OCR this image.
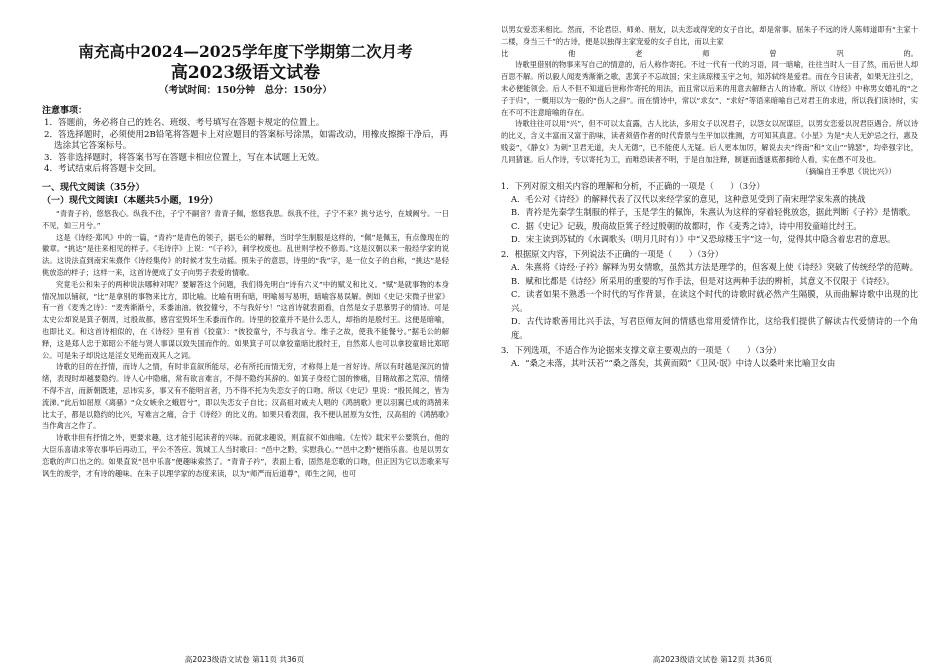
南充高中2024—2025学年度下学期第二次月考
高2023级语文试卷
（考试时间：150分钟　总分：150分）

注意事项：

1．答题前，务必将自己的姓名、班级、考号填写在答题卡规定的位置上。

2．答选择题时，必须使用2B铅笔将答题卡上对应题目的答案标号涂黑，如需改动，用橡皮擦擦干净后，再选涂其它答案标号。

3．答非选择题时，将答案书写在答题卡相应位置上，写在本试题上无效。

4．考试结束后将答题卡交回。

一、现代文阅读（35分）

（一）现代文阅读Ⅰ（本题共5小题，19分）

“青青子衿，悠悠我心。纵我不往，子宁不嗣音？青青子佩，悠悠我思。纵我不往，子宁不来？挑兮达兮，在城阙兮。一日不见，如三月兮。”

这是《诗经·郑风》中的一篇，“青衿”是青色的领子，据毛公的解释，当时学生制服是这样的，“佩”是佩玉，有点像现在的徽章。“挑达”是往来相见的样子。《毛诗序》上说：“《子衿》，刺学校废也。乱世则学校不修焉。”这是汉朝以来一般经学家的说法。这说法直到南宋朱熹作《诗经集传》的时候才发生动摇。照朱子的意思，诗里的“我”字，是一位女子的自称，“挑达”是轻佻放恣的样子；这样一来，这首诗便成了女子向男子表爱的情歌。

究竟毛公和朱子的两种说法哪种对呢？要解答这个问题，我们得先明白“诗有六义”中的赋义和比义。“赋”是就事物的本身情况加以铺叙，“比”是拿别的事物来比方，即比喻。比喻有明有暗，明喻易写易明，暗喻容易误解。例如《史记·宋微子世家》有一首《麦秀之诗》：“麦秀渐渐兮，禾黍油油。彼狡僮兮，不与我好兮！”这首诗就表面看，自然是女子思慕男子的情诗。可是太史公却说是箕子朝周，过殷故都，感宫室毁坏生禾黍而作的。诗里的狡童并不是什么恋人，却指的是殷纣王。这便是暗喻，也即比义。和这首诗相似的，在《诗经》里有首《狡童》：“彼狡童兮，不与我言兮。维子之故，使我不能餐兮。”据毛公的解释，这是郑人忠于郑昭公不能与贤人事谋以致失国而作的。如果箕子可以拿狡童暗比殷纣王，自然郑人也可以拿狡童暗比郑昭公。可是朱子却说这是淫女见绝而戏其人之词。

诗歌的目的在抒情，而诗人之情，有时非直叙所能尽，必有所托而情无穷，才称得上是一首好诗。所以有时越是深沉的情绪，表现时却越要隐约。诗人心中隐痛，常有欲言难言，不得不隐约其辞的。如箕子身经亡国的惨痛，目睹故都之荒凉，情绪不得不言，而新朝既建，忌讳实多，事又有不能明言者，乃不得不托为失恋女子的口吻。所以《史记》里说：“殷民闻之，皆为流涕。”此后如屈原《离骚》“众女嫉余之蛾眉兮”，即以失恋女子自比；汉高祖对戚夫人唱的《鸿鹄歌》更以羽翼已成的鸿鹄来比太子，都是以隐约的比兴，写难言之痛，合于《诗经》的比义的。如果只看表面，我不便认屈原为女性，汉高祖的《鸿鹄歌》当作禽言之作了。

诗歌非但有抒情之外，更要求趣，这才能引起读者的兴味。而就求趣说，则直叙不如曲喻。《左传》载宋平公要筑台，他的大臣乐喜请求等农事毕后再动工，平公不答应。筑城工人当时歌曰：“邑中之黔，实慰我心。”“邑中之黔”便指乐喜。也是以男女恋歌的声口出之的。如果直说“邑中乐喜”便趣味索然了。“青青子衿”，表面上看，固然是恋歌的口吻，但正因为它以恋歌来写讽生的废学，才有诗的趣味。在朱子以理学家的态度来读，以为“师严而后道尊”，师生之间，也可

高2023级语文试卷 第11页 共36页

以男女爱恋来相比。然而，不论君臣、师弟、朋友，以夫恋或得宠的女子自比，却是常事。屈朱子不远的诗人陈师道即有“主家十二楼，身当三千”的古诗，便是以独得主家宠爱的女子自比，而以主家

比	他	老	师	曾	巩	的。

诗歌里借别的物事来写自己的情意的，后人称作寄托。不过一代有一代的习语，同一暗喻，往往当时人一目了然，而后世人却百思不解。所以毅人闻麦秀渐渐之歌，悲箕子不忘故国；宋主读琼楼玉宇之句，知苏轼终是爱君。而在今日读者，如果无注引之，未必便能领会。后人不但不知道后世称作寄托的用法，而且常以后来的用意去解释古人的诗歌。所以《诗经》中称男女婚礼的“之子于归”，一概用以为一般的“伤人之辞”。而在情诗中，常以“求女”、“求好”等语来暗喻自己对君王的求进，所以我们读诗时，实在不可不注意暗喻的存在。

诗歌往往可以用“兴”，但不可以太直露，古人比法，多用女子以况君子，以怨女以况谋臣，以男女恋爱以况君臣遇合。所以诗的比义，含义丰富而又富于韵味，读者须借作者的时代背景与生平加以推测，方可知其真意。《小星》为是“夫人无妒忌之行，惠及贱妾”，《静女》为刺“卫君无道，夫人无德”，已不能使人无疑。后人更本加厉，解说去夫“终南”和“文山”“锦瑟”，均牵强字比，几同猜谜。后人作诗，专以寄托为工，而唯恐读者不明，于是自加注释，制谜而透谜底都拥给人看，实在愚不可及也。

（摘编自王季思《说比兴》）

1．下列对原文相关内容的理解和分析，不正确的一项是（　　）（3分）

A．毛公对《诗经》的解释代表了汉代以来经学家的意见，这种意见受到了南宋理学家朱熹的挑战

B．青衿是先秦学生制服的样子，玉是学生的佩饰，朱熹认为这样的穿着轻佻放恣，据此判断《子衿》是情歌。

C．据《史记》记载，殷商故臣箕子经过殷朝的故都时，作《麦秀之诗》，诗中用狡童暗比纣王。

D．宋主读到苏轼的《水调歌头（明月几时有）》中“又恐琼楼玉宇”这一句，觉得其中隐含着忠君的意思。

2．根据原文内容，下列说法不正确的一项是（　　）（3分）

A．朱熹将《诗经·子衿》解释为男女情歌，虽然其方法是理学的，但客观上使《诗经》突破了传统经学的范畴。

B．赋和比都是《诗经》所采用的重要的写作手法，但是对这两种手法的辨析，其意义不仅限于《诗经》。

C．读者如果不熟悉一个时代的写作背景，在读这个时代的诗歌时就必然产生隔膜，从而曲解诗歌中出现的比兴。

D．古代诗歌善用比兴手法，写君臣师友间的情感也常用爱情作比，这给我们提供了解读古代爱情诗的一个角度。

3．下列选项，不适合作为论据来支撑文章主要观点的一项是（　　）（3分）

A．“桑之未落，其叶沃若”“桑之落矣，其黄而陨”《卫风·氓》中诗人以桑叶来比喻卫女由

高2023级语文试卷 第12页 共36页
